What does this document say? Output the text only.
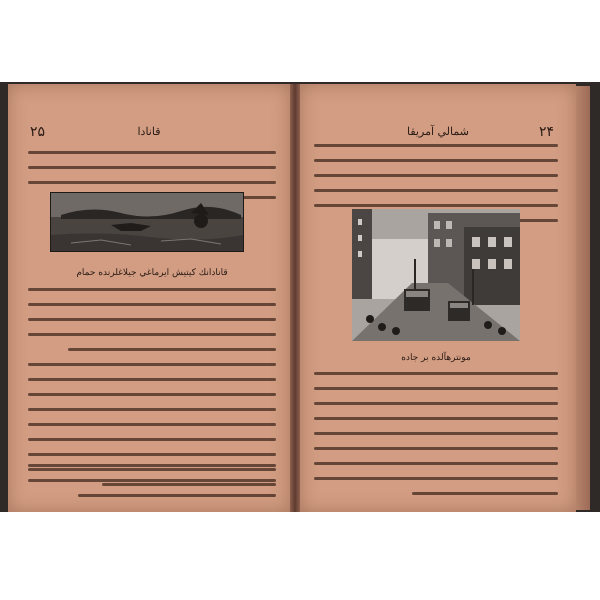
۲۵	قانادا
قانادانك كيتيش ايرماغي جيلاغلرنده حمام
۲۴
شمالي آمريقا
مونترهآلده بر جاده
